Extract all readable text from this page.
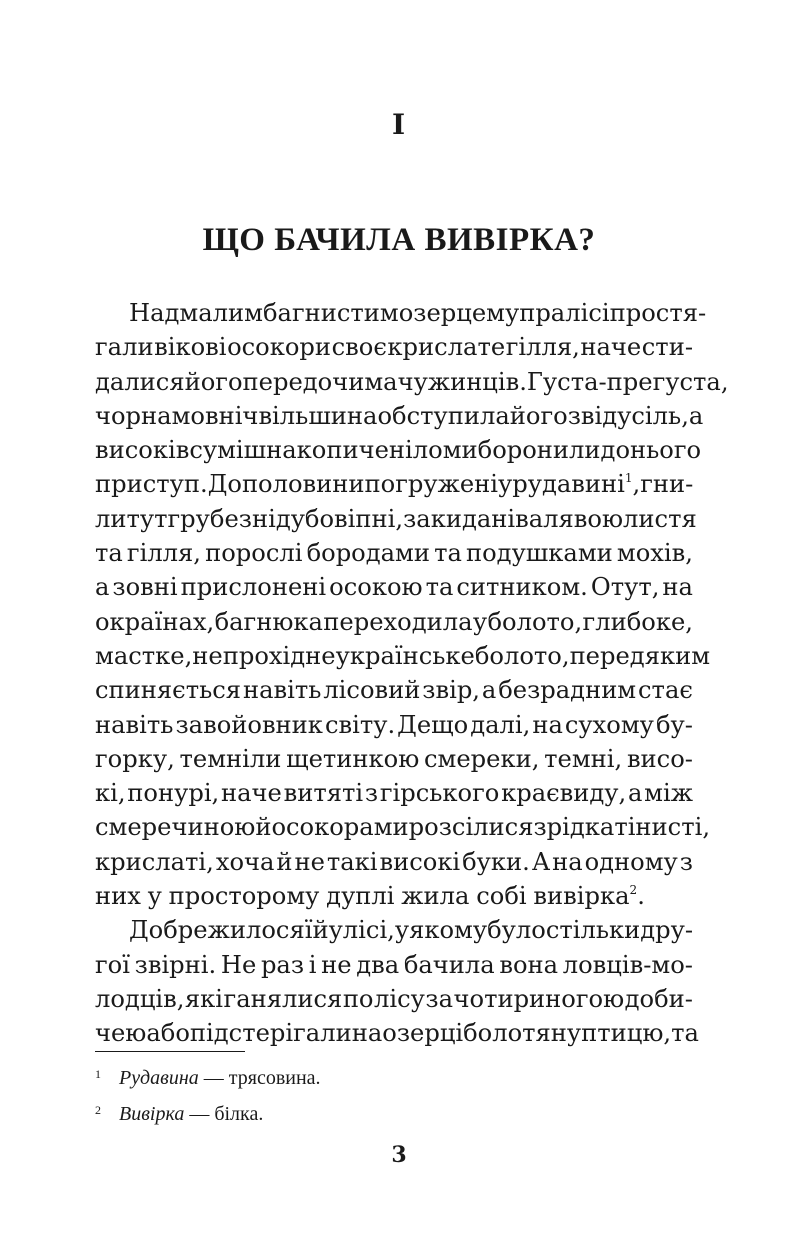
I
ЩО БАЧИЛА ВИВІРКА?
Над малим багнистим озерцем у пралісі простя-
гали вікові осокори своє крислате гілля, наче сти-
далися його перед очима чужинців. Густа-прегуста,
чорна мов ніч вільшина обступила його звідусіль, а
високі всуміш накопичені ломи боронили до нього
приступ. До половини погружені у рудавині$^1$, гни-
ли тут грубезні дубові пні, закидані валявою листя
та гілля, порослі бородами та подушками мохів,
а зовні прислонені осокою та ситником. Отут, на
окраїнах, багнюка переходила у болото, глибоке,
мастке, непрохідне українське болото, перед яким
спиняється навіть лісовий звір, а безрадним стає
навіть завойовник світу. Дещо далі, на сухому бу-
горку, темніли щетинкою смереки, темні, висо-
кі, понурі, наче витяті з гірського краєвиду, а між
смеречиною й осокорами розсілися зрідка тінисті,
крислаті, хоча й не такі високі буки. А на одному з
них у просторому дуплі жила собі вивірка$^2$.
Добре жилося їй у лісі, у якому було стільки дру-
гої звірні. Не раз і не два бачила вона ловців-мо-
лодців, які ганялися по лісу за чотириногою доби-
чею або підстерігали на озерці болотяну птицю, та
1 Рудавина — трясовина.
2 Вивірка — білка.
3
